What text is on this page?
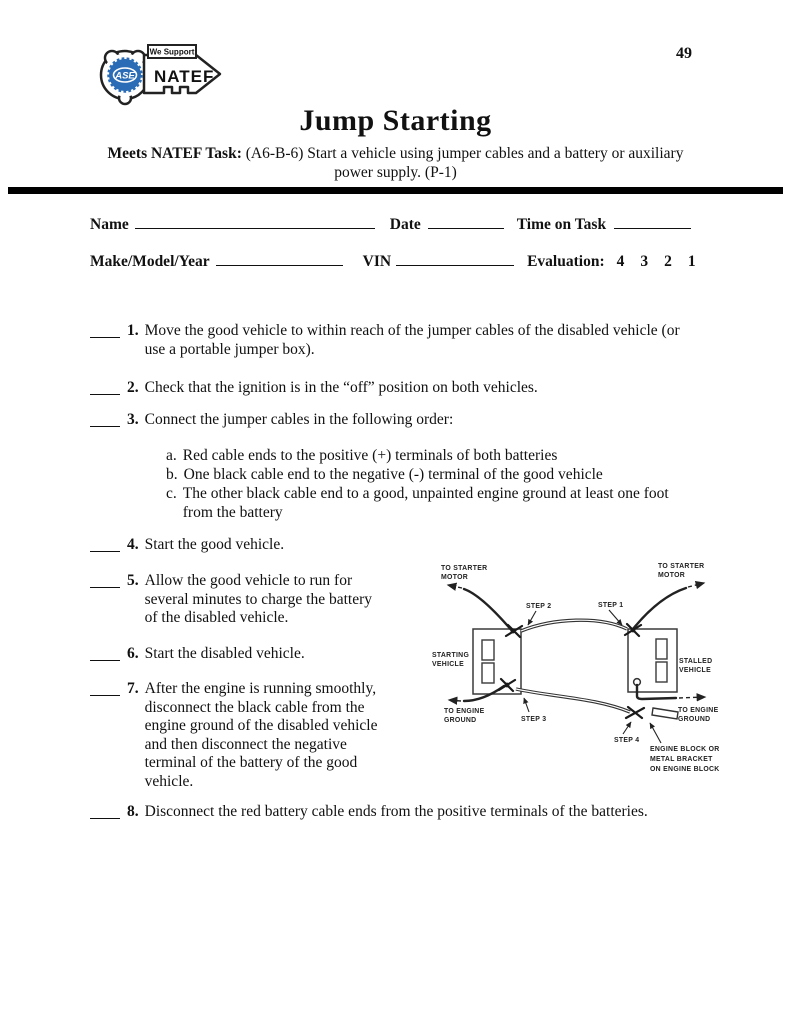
We Support
ASE NATEF
49
Jump Starting
Meets NATEF Task: (A6-B-6) Start a vehicle using jumper cables and a battery or auxiliary
power supply. (P-1)
Name	Date	Time on Task
Make/Model/Year	VIN	Evaluation: 4 3 2 1
1. Move the good vehicle to within reach of the jumper cables of the disabled vehicle (or use a portable jumper box).
2. Check that the ignition is in the “off” position on both vehicles.
3. Connect the jumper cables in the following order:
a. Red cable ends to the positive (+) terminals of both batteries
b. One black cable end to the negative (-) terminal of the good vehicle
c. The other black cable end to a good, unpainted engine ground at least one foot from the battery
4. Start the good vehicle.
5. Allow the good vehicle to run for several minutes to charge the battery of the disabled vehicle.
6. Start the disabled vehicle.
7. After the engine is running smoothly, disconnect the black cable from the engine ground of the disabled vehicle and then disconnect the negative terminal of the battery of the good vehicle.
8. Disconnect the red battery cable ends from the positive terminals of the batteries.
TO STARTER
MOTOR
TO STARTER
MOTOR
STEP 2	STEP 1
STARTING
VEHICLE	STALLED
VEHICLE
TO ENGINE
GROUND	STEP 3
TO ENGINE
GROUND
STEP 4
ENGINE BLOCK OR
METAL BRACKET
ON ENGINE BLOCK
